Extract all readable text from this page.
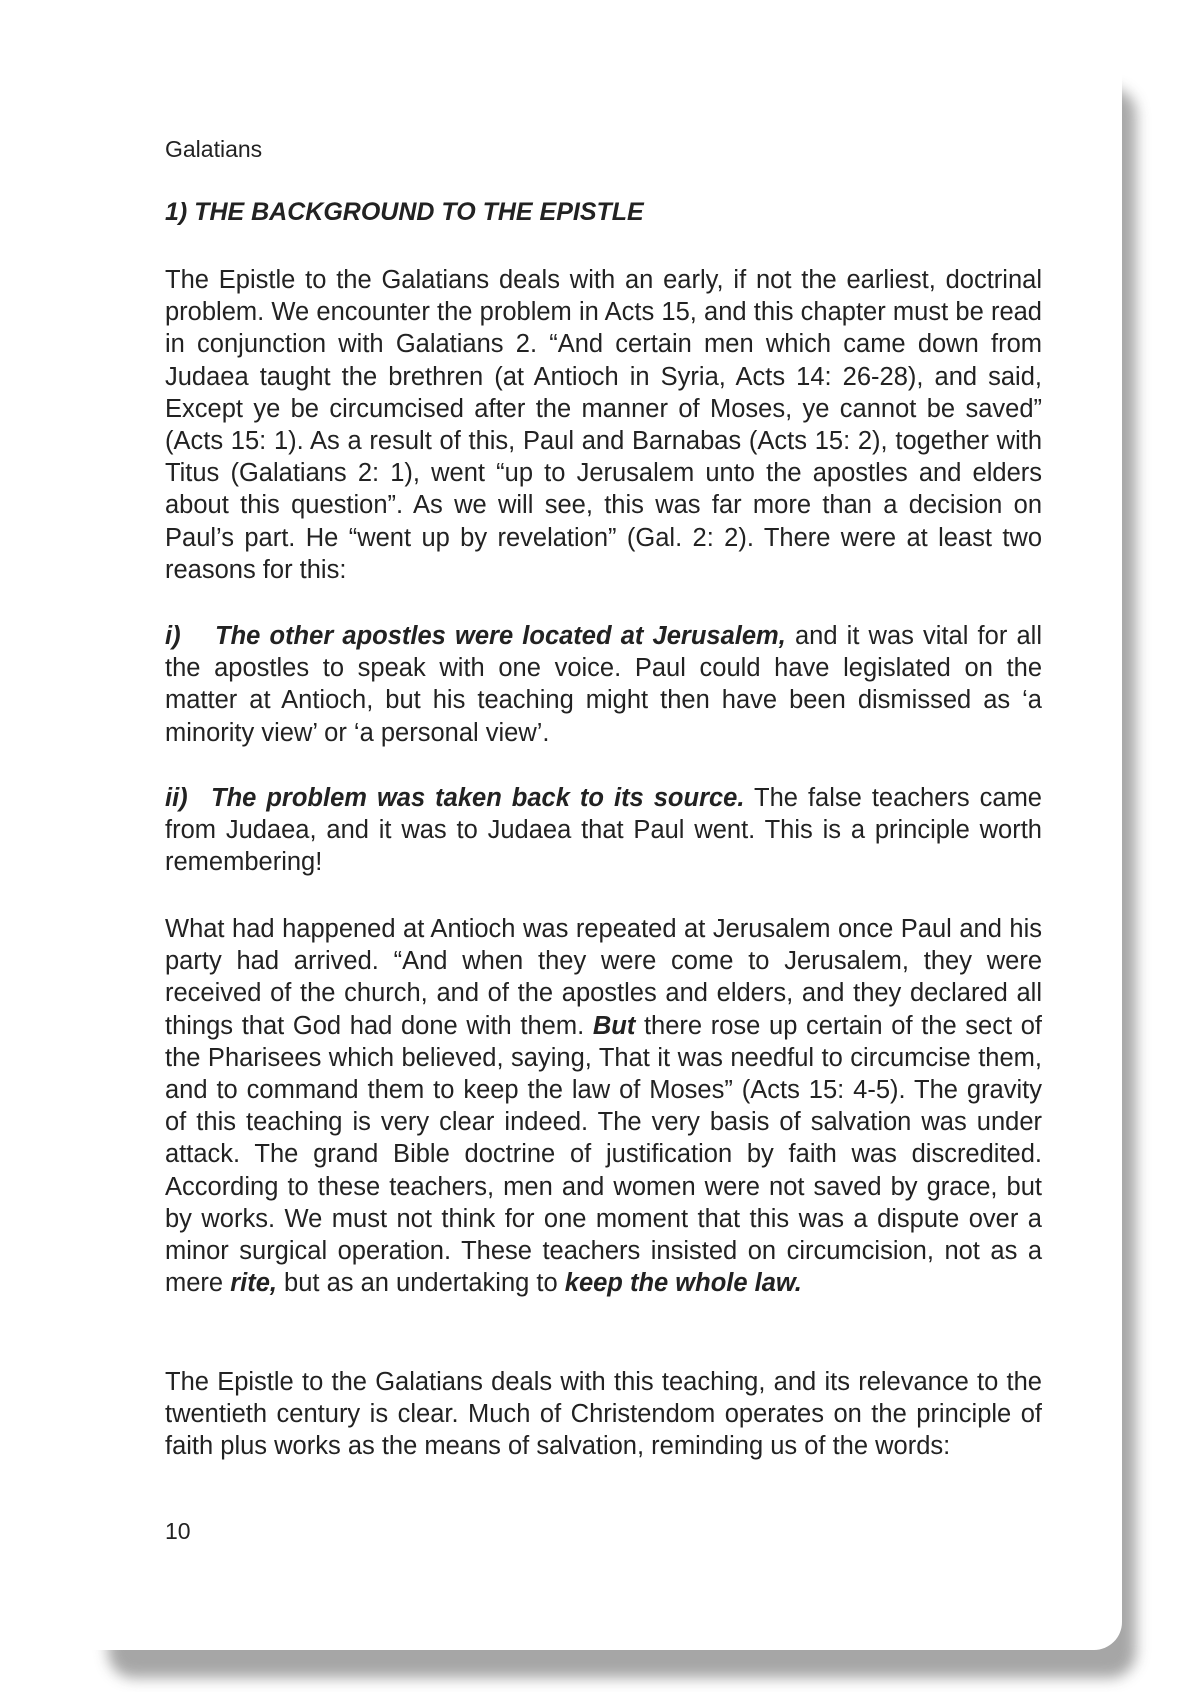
Galatians
1) THE BACKGROUND TO THE EPISTLE

The Epistle to the Galatians deals with an early, if not the earliest, doctrinal problem. We encounter the problem in Acts 15, and this chapter must be read in conjunction with Galatians 2. “And certain men which came down from Judaea taught the brethren (at Antioch in Syria, Acts 14: 26-28), and said, Except ye be circumcised after the manner of Moses, ye cannot be saved” (Acts 15: 1). As a result of this, Paul and Barnabas (Acts 15: 2), together with Titus (Galatians 2: 1), went “up to Jerusalem unto the apostles and elders about this question”. As we will see, this was far more than a decision on Paul’s part. He “went up by revelation” (Gal. 2: 2). There were at least two reasons for this:

i) The other apostles were located at Jerusalem, and it was vital for all the apostles to speak with one voice. Paul could have legislated on the matter at Antioch, but his teaching might then have been dismissed as ‘a minority view’ or ‘a personal view’.

ii) The problem was taken back to its source. The false teachers came from Judaea, and it was to Judaea that Paul went. This is a principle worth remembering!

What had happened at Antioch was repeated at Jerusalem once Paul and his party had arrived. “And when they were come to Jerusalem, they were received of the church, and of the apostles and elders, and they declared all things that God had done with them. But there rose up certain of the sect of the Pharisees which believed, saying, That it was needful to circumcise them, and to command them to keep the law of Moses” (Acts 15: 4-5). The gravity of this teaching is very clear indeed. The very basis of salvation was under attack. The grand Bible doctrine of justification by faith was discredited. According to these teachers, men and women were not saved by grace, but by works. We must not think for one moment that this was a dispute over a minor surgical operation. These teachers insisted on circumcision, not as a mere rite, but as an undertaking to keep the whole law.

The Epistle to the Galatians deals with this teaching, and its relevance to the twentieth century is clear. Much of Christendom operates on the principle of faith plus works as the means of salvation, reminding us of the words:

10
